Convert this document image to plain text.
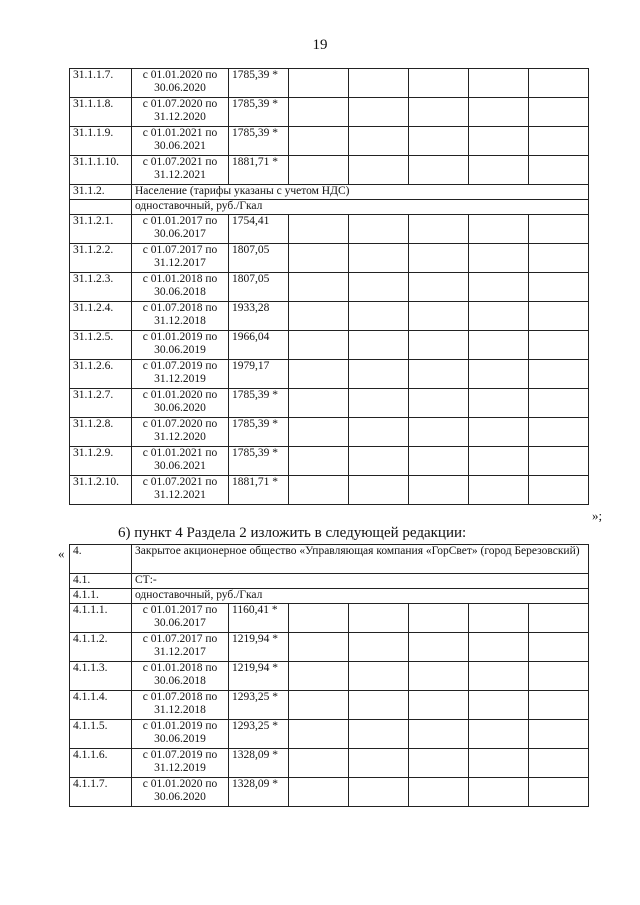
19
31.1.1.7.	с 01.01.2020 по 30.06.2020	1785,39 *					
31.1.1.8.	с 01.07.2020 по 31.12.2020	1785,39 *					
31.1.1.9.	с 01.01.2021 по 30.06.2021	1785,39 *					
31.1.1.10.	с 01.07.2021 по 31.12.2021	1881,71 *					
31.1.2.	Население (тарифы указаны с учетом НДС)						
	одноставочный, руб./Гкал						
31.1.2.1.	с 01.01.2017 по 30.06.2017	1754,41					
31.1.2.2.	с 01.07.2017 по 31.12.2017	1807,05					
31.1.2.3.	с 01.01.2018 по 30.06.2018	1807,05					
31.1.2.4.	с 01.07.2018 по 31.12.2018	1933,28					
31.1.2.5.	с 01.01.2019 по 30.06.2019	1966,04					
31.1.2.6.	с 01.07.2019 по 31.12.2019	1979,17					
31.1.2.7.	с 01.01.2020 по 30.06.2020	1785,39 *					
31.1.2.8.	с 01.07.2020 по 31.12.2020	1785,39 *					
31.1.2.9.	с 01.01.2021 по 30.06.2021	1785,39 *					
31.1.2.10.	с 01.07.2021 по 31.12.2021	1881,71 *					
»;
6) пункт 4 Раздела 2 изложить в следующей редакции:
« 4.	Закрытое акционерное общество «Управляющая компания «ГорСвет» (город Березовский)						
4.1.	СТ:-						
4.1.1.	одноставочный, руб./Гкал						
4.1.1.1.	с 01.01.2017 по 30.06.2017	1160,41 *					
4.1.1.2.	с 01.07.2017 по 31.12.2017	1219,94 *					
4.1.1.3.	с 01.01.2018 по 30.06.2018	1219,94 *					
4.1.1.4.	с 01.07.2018 по 31.12.2018	1293,25 *					
4.1.1.5.	с 01.01.2019 по 30.06.2019	1293,25 *					
4.1.1.6.	с 01.07.2019 по 31.12.2019	1328,09 *					
4.1.1.7.	с 01.01.2020 по 30.06.2020	1328,09 *					
